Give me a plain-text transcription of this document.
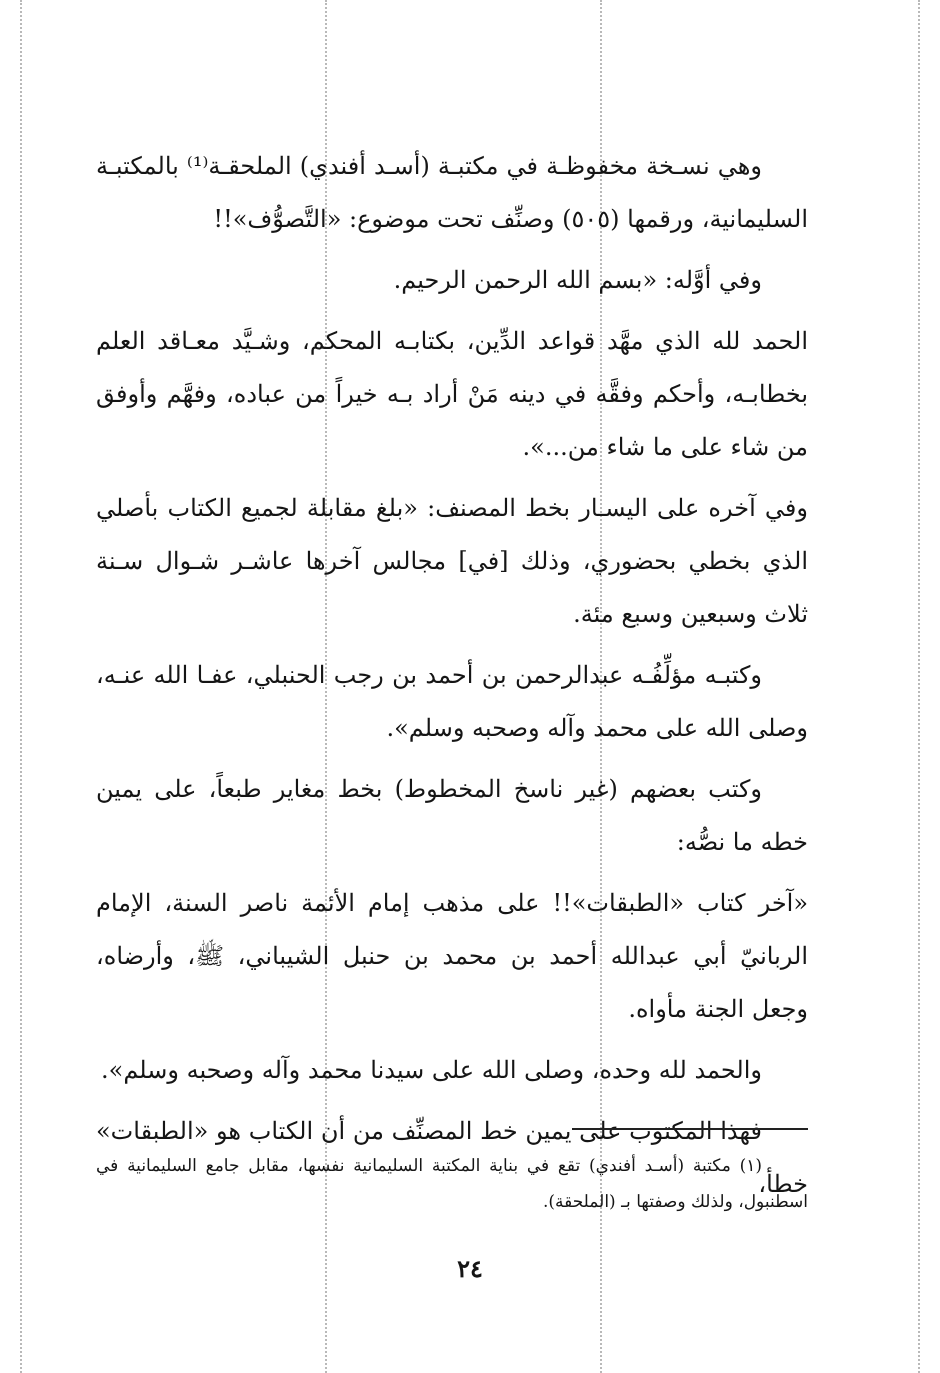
وهي نسـخة مخفوظـة في مكتبـة (أسـد أفندي) الملحقـة⁽¹⁾ بالمكتبـة السليمانية، ورقمها (٥٠٥) وصنِّف تحت موضوع: «التَّصوُّف»!!

وفي أوَّله: «بسم الله الرحمن الرحيم.

الحمد لله الذي مهَّد قواعد الدِّين، بكتابـه المحكم، وشـيَّد معـاقد العلم بخطابـه، وأحكم وفقَّه في دينه مَنْ أراد بـه خيراً من عباده، وفهَّم وأوفق من شاء على ما شاء من...».

وفي آخره على اليسـار بخط المصنف: «بلغ مقابلة لجميع الكتاب بأصلي الذي بخطي بحضوري، وذلك [في] مجالس آخرها عاشـر شـوال سـنة ثلاث وسبعين وسبع مئة.

وكتبـه مؤلِّفُـه عبدالرحمن بن أحمد بن رجب الحنبلي، عفـا الله عنـه، وصلى الله على محمد وآله وصحبه وسلم».

وكتب بعضهم (غير ناسخ المخطوط) بخط مغاير طبعاً، على يمين خطه ما نصُّه:

«آخر كتاب «الطبقات»!! على مذهب إمام الأئمة ناصر السنة، الإمام الربانيّ أبي عبدالله أحمد بن محمد بن حنبل الشيباني، ﷺ، وأرضاه، وجعل الجنة مأواه.

والحمد لله وحده، وصلى الله على سيدنا محمد وآله وصحبه وسلم».

فهذا المكتوب على يمين خط المصنِّف من أن الكتاب هو «الطبقات» خطأ،

(١) مكتبة (أسـد أفندي) تقع في بناية المكتبة السليمانية نفسها، مقابل جامع السليمانية في اسطنبول، ولذلك وصفتها بـ (الملحقة).

٢٤
